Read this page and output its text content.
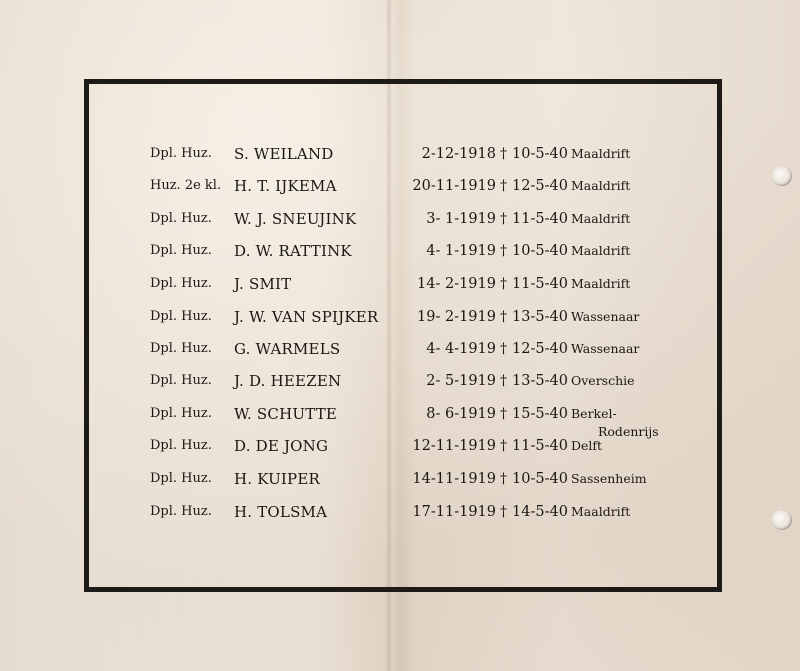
Dpl. Huz. S. WEILAND	2-12-1918 † 10-5-40 Maaldrift
Huz. 2e kl. H. T. IJKEMA	20-11-1919 † 12-5-40 Maaldrift
Dpl. Huz. W. J. SNEUJINK	3- 1-1919 † 11-5-40 Maaldrift
Dpl. Huz. D. W. RATTINK	4- 1-1919 † 10-5-40 Maaldrift
Dpl. Huz. J. SMIT	14- 2-1919 † 11-5-40 Maaldrift
Dpl. Huz. J. W. VAN SPIJKER	19- 2-1919 † 13-5-40 Wassenaar
Dpl. Huz. G. WARMELS	4- 4-1919 † 12-5-40 Wassenaar
Dpl. Huz. J. D. HEEZEN	2- 5-1919 † 13-5-40 Overschie
Dpl. Huz. W. SCHUTTE	8- 6-1919 † 15-5-40 Berkel-
Rodenrijs
Dpl. Huz. D. DE JONG	12-11-1919 † 11-5-40 Delft
Dpl. Huz. H. KUIPER	14-11-1919 † 10-5-40 Sassenheim
Dpl. Huz. H. TOLSMA	17-11-1919 † 14-5-40 Maaldrift
